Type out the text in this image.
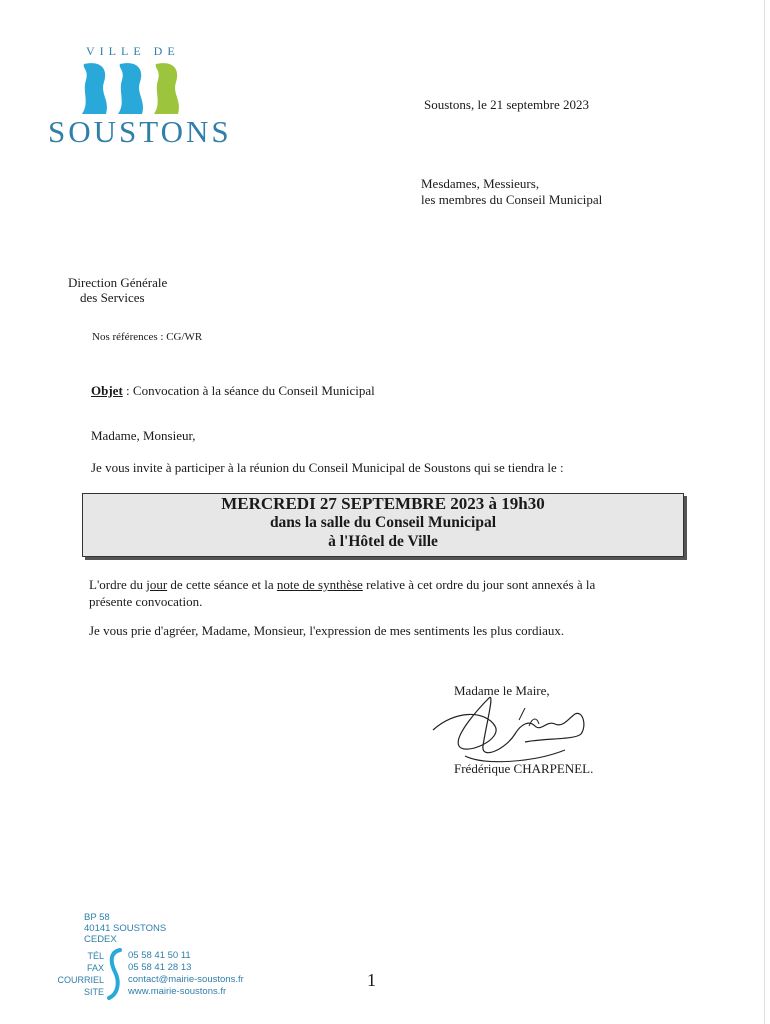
VILLE DE
SOUSTONS
Soustons, le 21 septembre 2023
Mesdames, Messieurs,
les membres du Conseil Municipal
Direction Générale
des Services
Nos références : CG/WR
Objet : Convocation à la séance du Conseil Municipal
Madame, Monsieur,
Je vous invite à participer à la réunion du Conseil Municipal de Soustons qui se tiendra le :
MERCREDI 27 SEPTEMBRE 2023 à 19h30
dans la salle du Conseil Municipal
à l'Hôtel de Ville
L'ordre du jour de cette séance et la note de synthèse relative à cet ordre du jour sont annexés à la
présente convocation.
Je vous prie d'agréer, Madame, Monsieur, l'expression de mes sentiments les plus cordiaux.
Madame le Maire,
Frédérique CHARPENEL.
BP 58
40141 SOUSTONS
CEDEX
TÉL
FAX
COURRIEL
SITE
05 58 41 50 11
05 58 41 28 13
contact@mairie-soustons.fr
www.mairie-soustons.fr
1
